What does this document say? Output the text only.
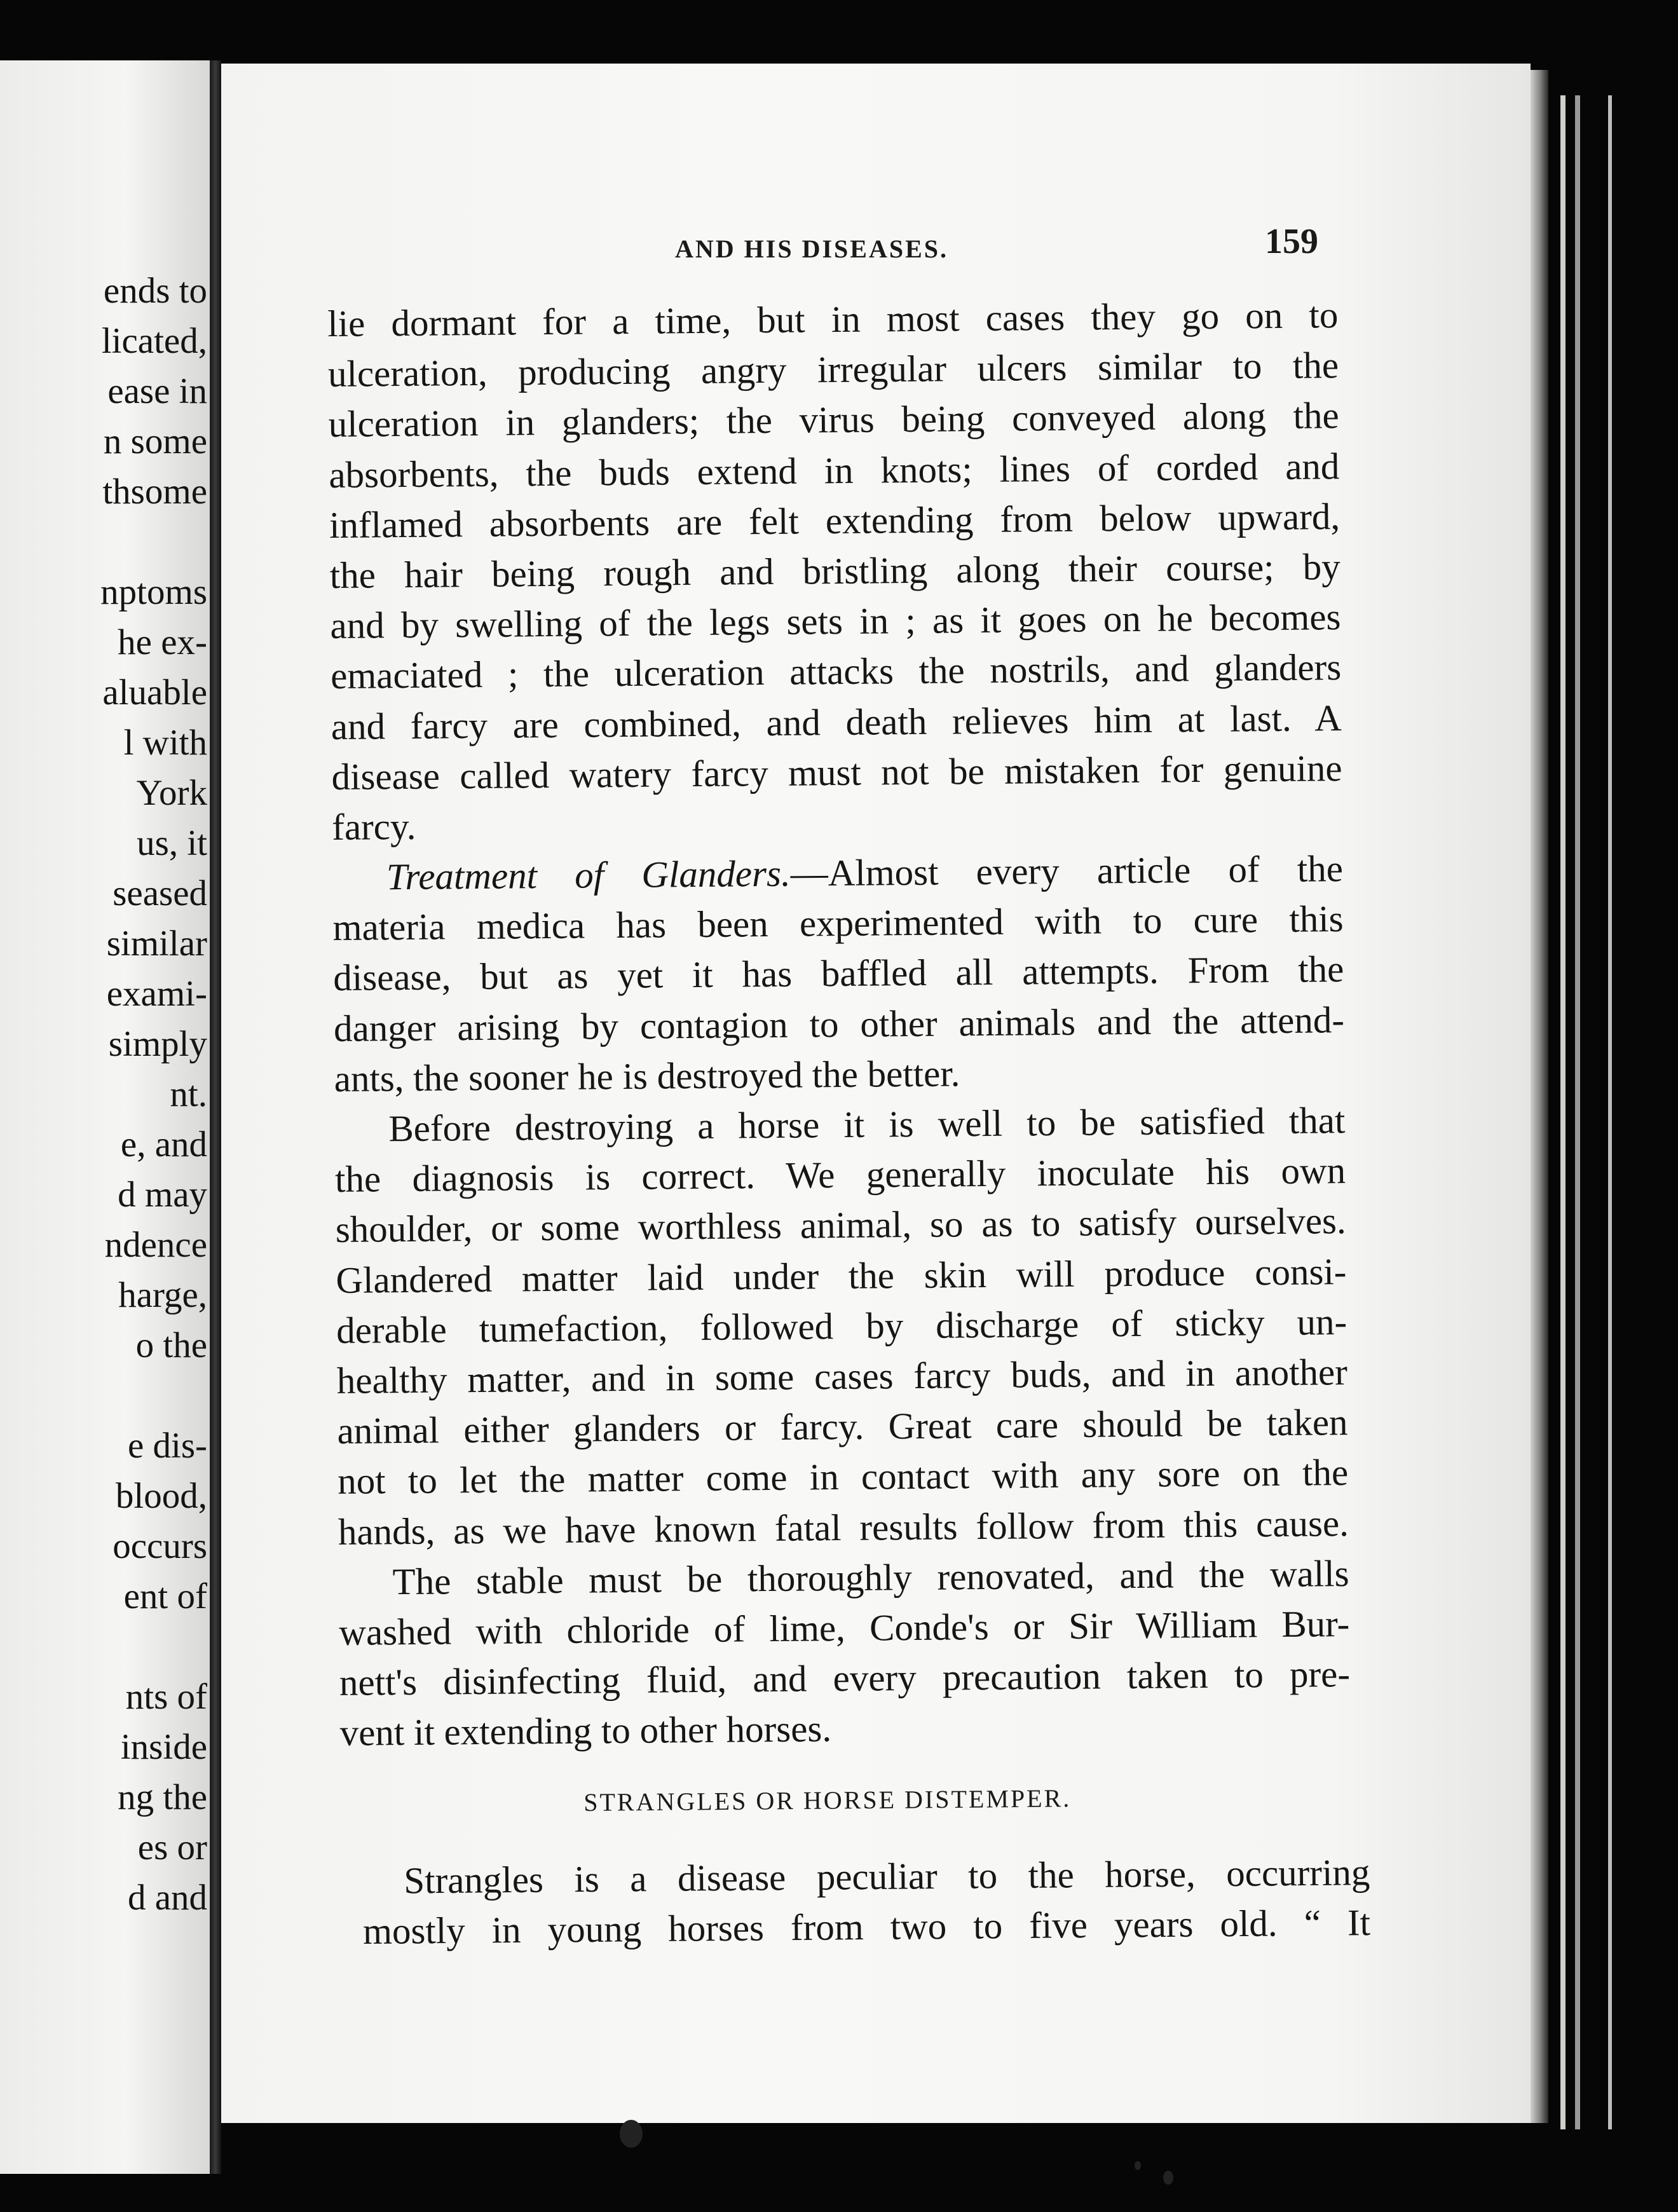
ends to
licated,
ease in
n some
thsome
nptoms
he ex-
aluable
l with
York
us, it
seased
similar
exami-
simply
nt.
e, and
d may
ndence
harge,
o the
e dis-
blood,
occurs
ent of
nts of
inside
ng the
es or
d and
AND HIS DISEASES.	159
lie dormant for a time, but in most cases they go on to
ulceration, producing angry irregular ulcers similar to the
ulceration in glanders; the virus being conveyed along the
absorbents, the buds extend in knots; lines of corded and
inflamed absorbents are felt extending from below upward,
the hair being rough and bristling along their course; by
and by swelling of the legs sets in ; as it goes on he becomes
emaciated ; the ulceration attacks the nostrils, and glanders
and farcy are combined, and death relieves him at last. A
disease called watery farcy must not be mistaken for genuine
farcy.
Treatment of Glanders.—Almost every article of the
materia medica has been experimented with to cure this
disease, but as yet it has baffled all attempts. From the
danger arising by contagion to other animals and the attend-
ants, the sooner he is destroyed the better.
Before destroying a horse it is well to be satisfied that
the diagnosis is correct. We generally inoculate his own
shoulder, or some worthless animal, so as to satisfy ourselves.
Glandered matter laid under the skin will produce consi-
derable tumefaction, followed by discharge of sticky un-
healthy matter, and in some cases farcy buds, and in another
animal either glanders or farcy. Great care should be taken
not to let the matter come in contact with any sore on the
hands, as we have known fatal results follow from this cause.
The stable must be thoroughly renovated, and the walls
washed with chloride of lime, Conde's or Sir William Bur-
nett's disinfecting fluid, and every precaution taken to pre-
vent it extending to other horses.
STRANGLES OR HORSE DISTEMPER.
Strangles is a disease peculiar to the horse, occurring
mostly in young horses from two to five years old. “ It
